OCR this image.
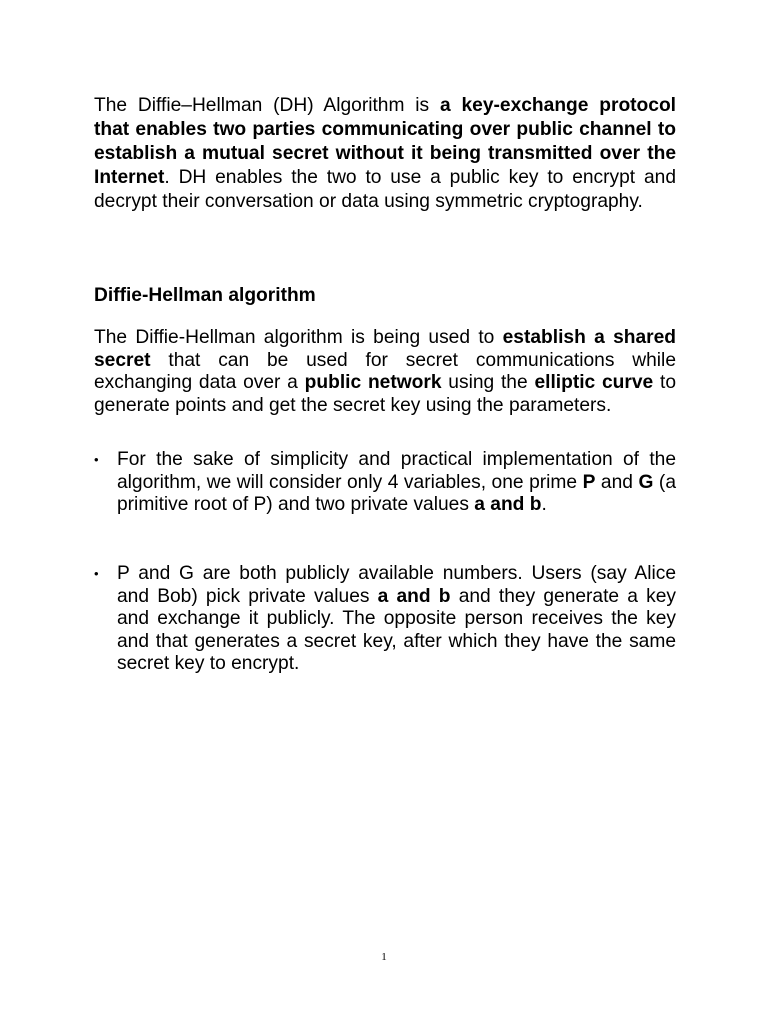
The Diffie–Hellman (DH) Algorithm is a key-exchange protocol that enables two parties communicating over public channel to establish a mutual secret without it being transmitted over the Internet. DH enables the two to use a public key to encrypt and decrypt their conversation or data using symmetric cryptography.

Diffie-Hellman algorithm

The Diffie-Hellman algorithm is being used to establish a shared secret that can be used for secret communications while exchanging data over a public network using the elliptic curve to generate points and get the secret key using the parameters.

• For the sake of simplicity and practical implementation of the algorithm, we will consider only 4 variables, one prime P and G (a primitive root of P) and two private values a and b.

• P and G are both publicly available numbers. Users (say Alice and Bob) pick private values a and b and they generate a key and exchange it publicly. The opposite person receives the key and that generates a secret key, after which they have the same secret key to encrypt.

1
